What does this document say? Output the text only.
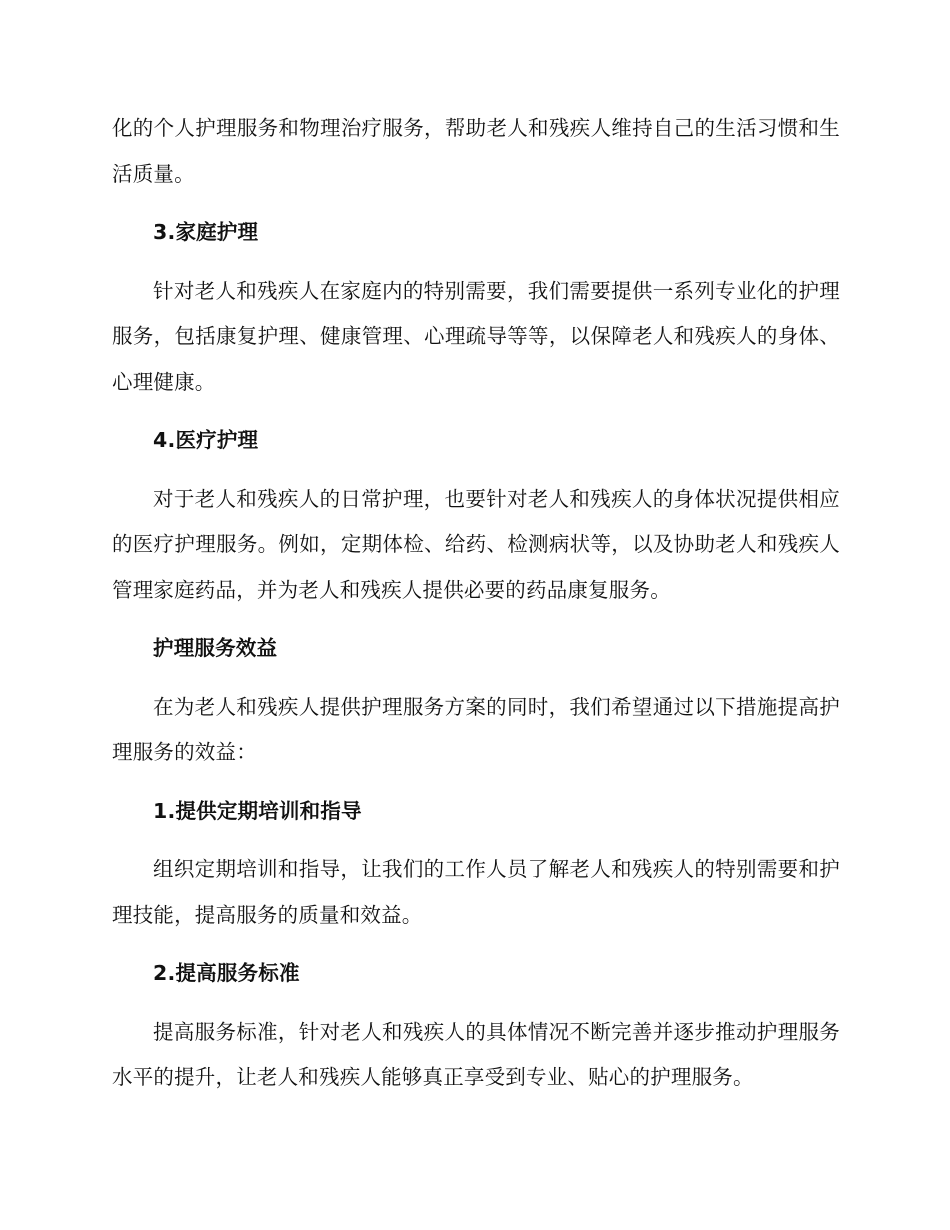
化的个人护理服务和物理治疗服务，帮助老人和残疾人维持自己的生活习惯和生活质量。

3.家庭护理

针对老人和残疾人在家庭内的特别需要，我们需要提供一系列专业化的护理服务，包括康复护理、健康管理、心理疏导等等，以保障老人和残疾人的身体、心理健康。

4.医疗护理

对于老人和残疾人的日常护理，也要针对老人和残疾人的身体状况提供相应的医疗护理服务。例如，定期体检、给药、检测病状等，以及协助老人和残疾人管理家庭药品，并为老人和残疾人提供必要的药品康复服务。

护理服务效益

在为老人和残疾人提供护理服务方案的同时，我们希望通过以下措施提高护理服务的效益：

1.提供定期培训和指导

组织定期培训和指导，让我们的工作人员了解老人和残疾人的特别需要和护理技能，提高服务的质量和效益。

2.提高服务标准

提高服务标准，针对老人和残疾人的具体情况不断完善并逐步推动护理服务水平的提升，让老人和残疾人能够真正享受到专业、贴心的护理服务。
